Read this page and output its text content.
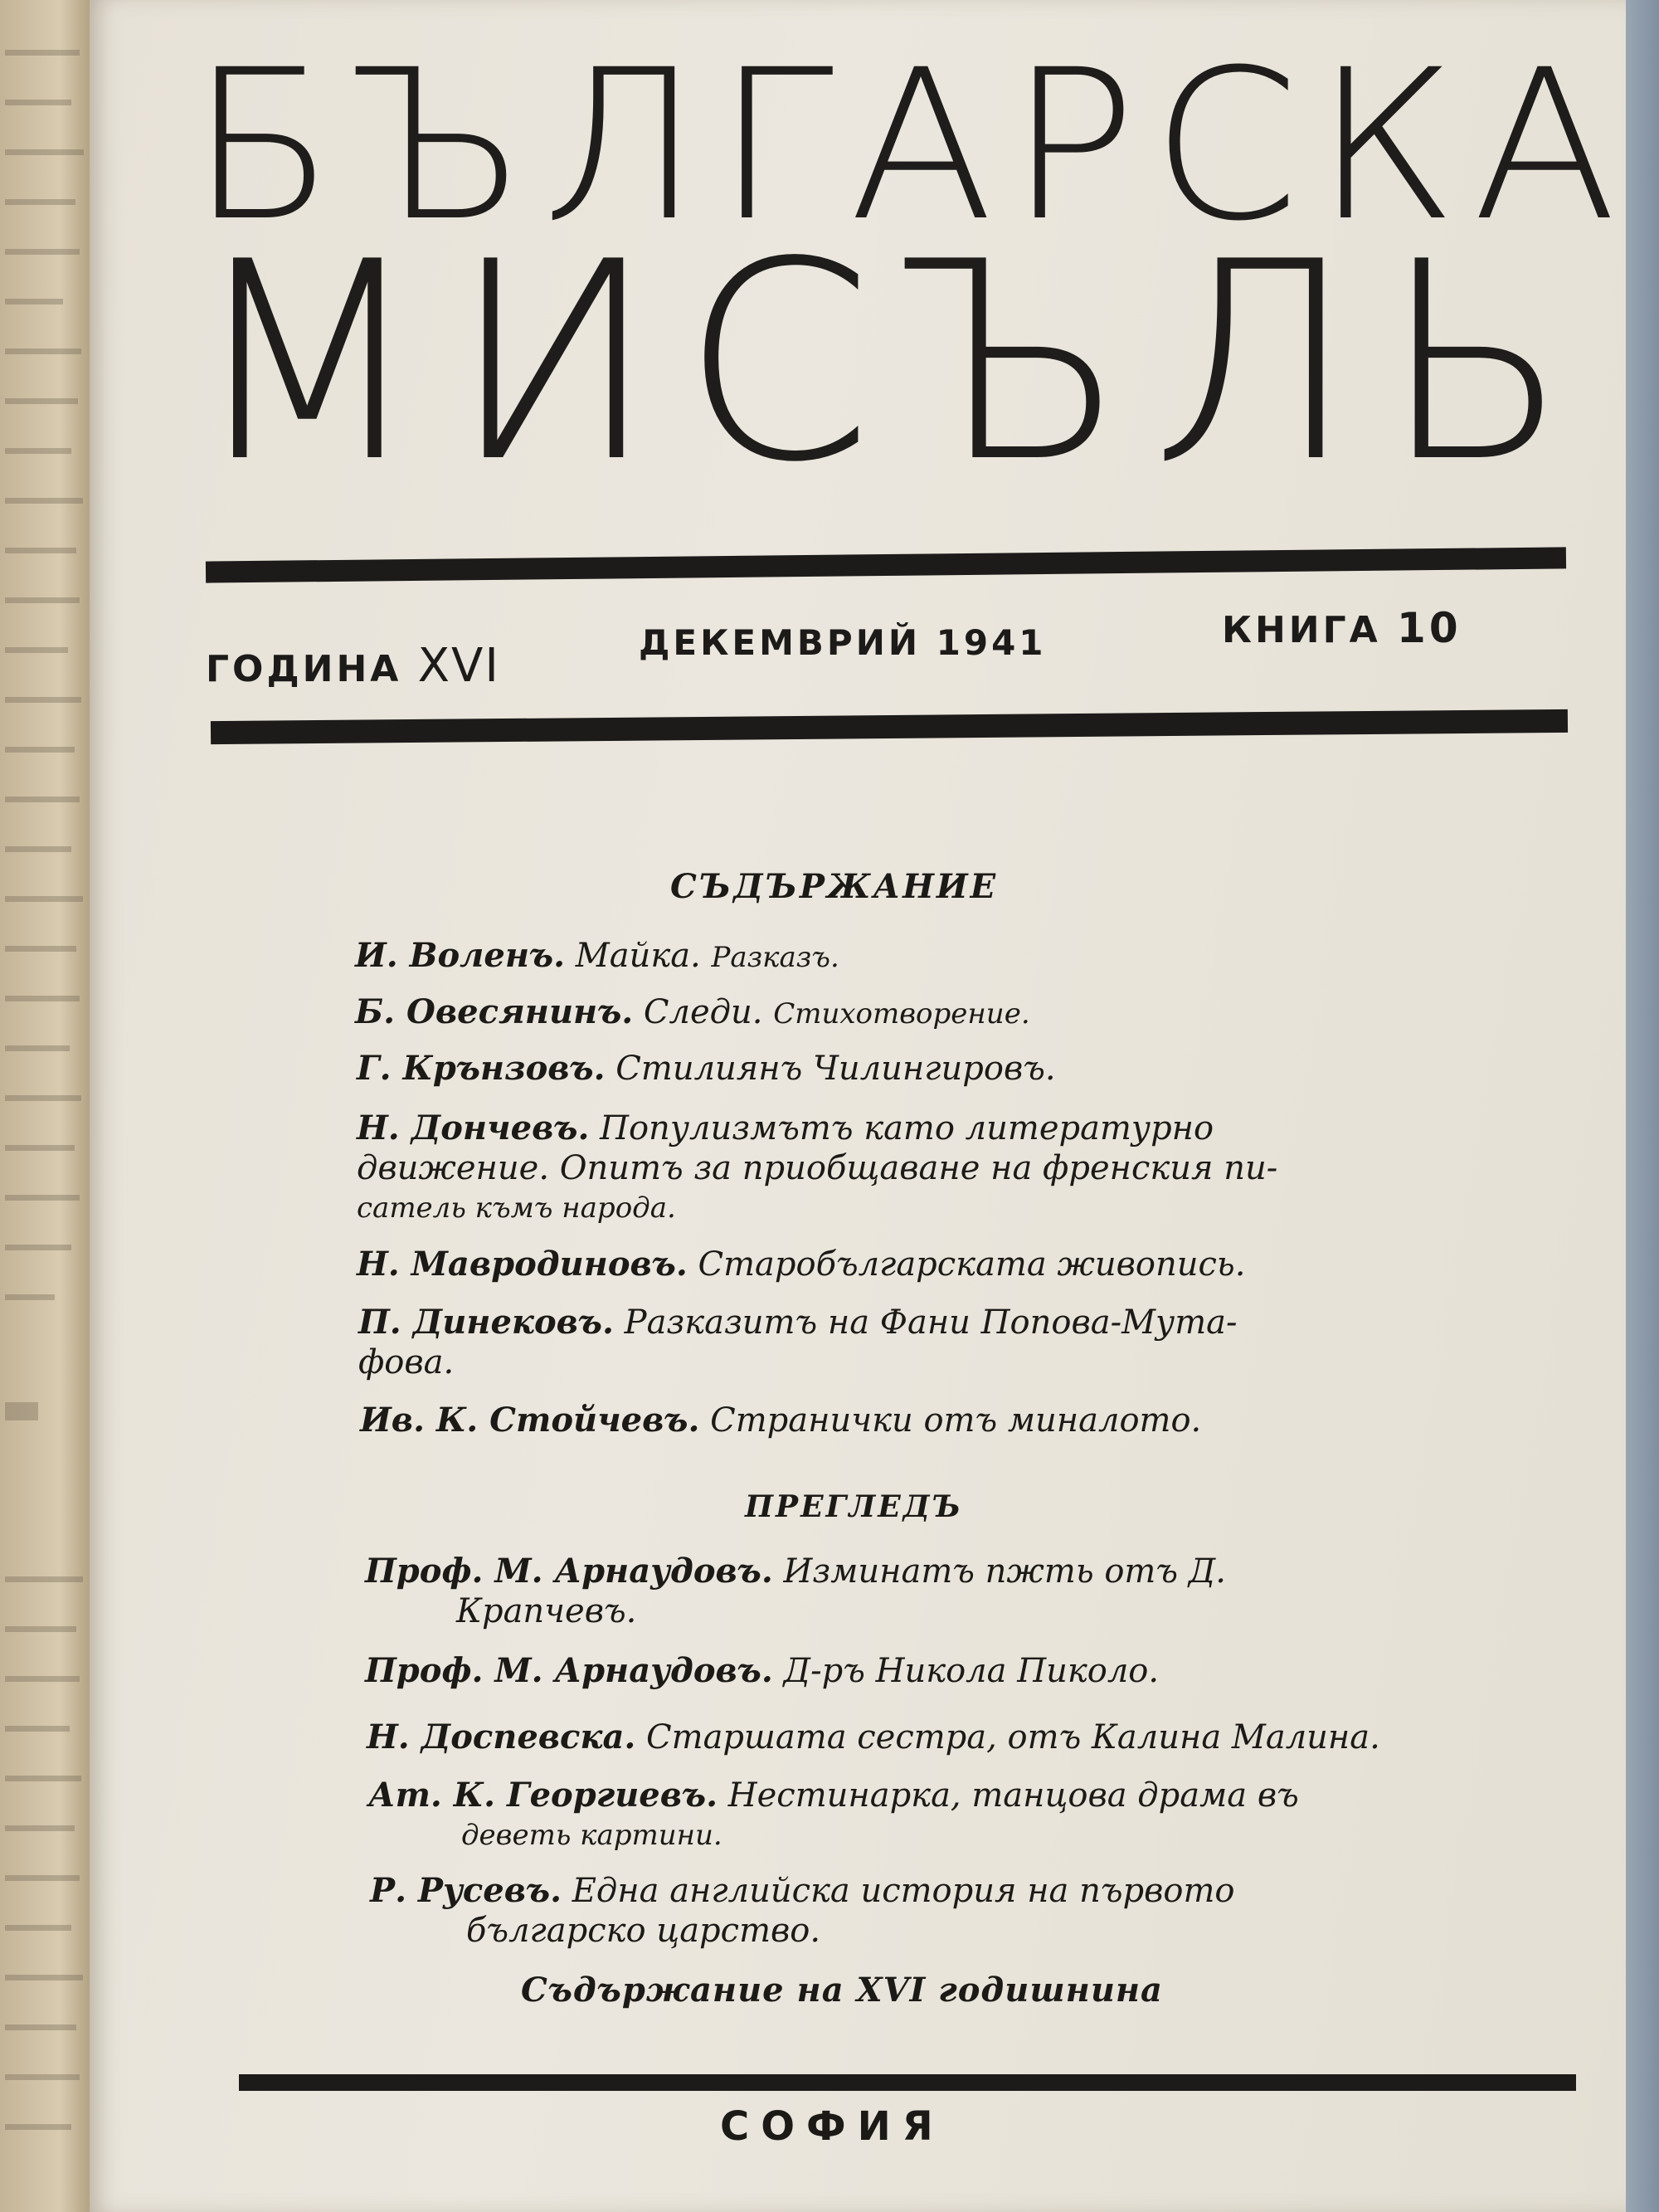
БЪЛГАРСКА
МИСЪЛЬ
ГОДИНА XVI	ДЕКЕМВРИЙ 1941	КНИГА 10
СЪДЪРЖАНИЕ
И. Воленъ. Майка. Разказъ.
Б. Овесянинъ. Следи. Стихотворение.
Г. Крънзовъ. Стилиянъ Чилингировъ.
Н. Дончевъ. Популизмътъ като литературно
движение. Опитъ за приобщаване на френския пи-
сатель къмъ народа.
Н. Мавродиновъ. Старобългарската живопись.
П. Динековъ. Разказитъ на Фани Попова-Мута-
фова.
Ив. К. Стойчевъ. Странички отъ миналото.
ПРЕГЛЕДЪ
Проф. М. Арнаудовъ. Изминатъ пжть отъ Д.
Крапчевъ.
Проф. М. Арнаудовъ. Д-ръ Никола Пиколо.
Н. Доспевска. Старшата сестра, отъ Калина Малина.
Ат. К. Георгиевъ. Нестинарка, танцова драма въ
деветь картини.
Р. Русевъ. Една английска история на първото
българско царство.
Съдържание на XVI годишнина
СОФИЯ
